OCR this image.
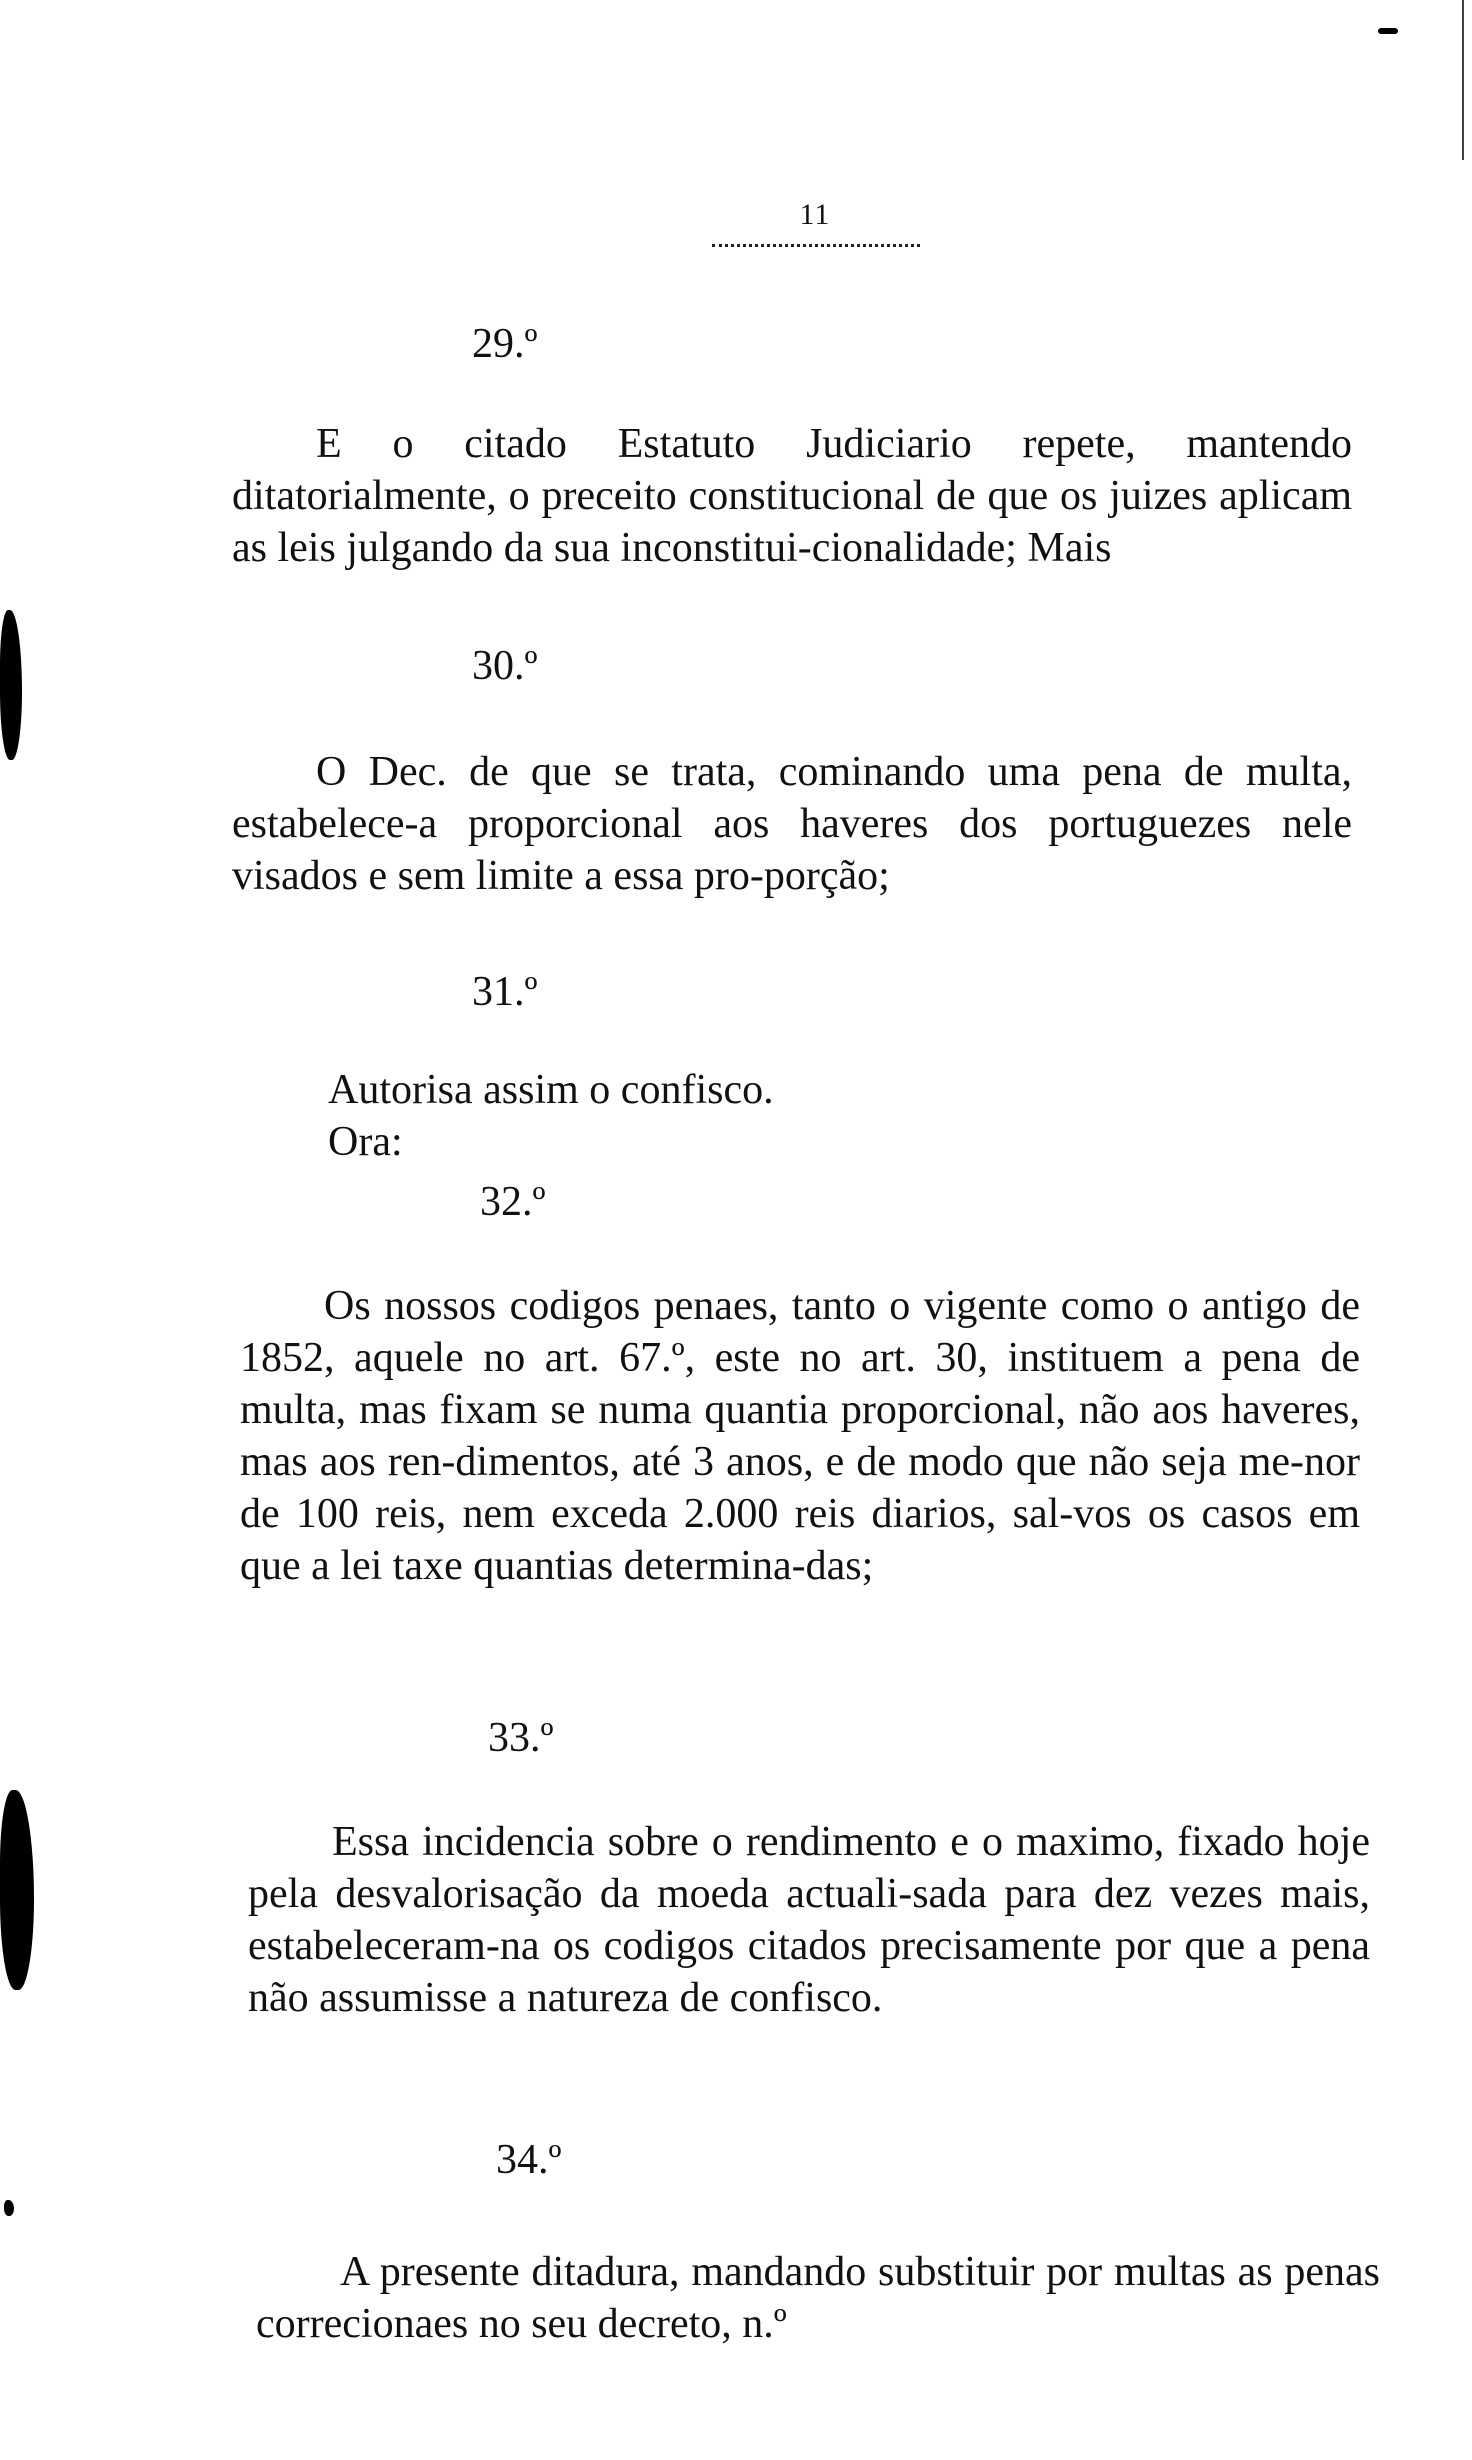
11
29.º

E o citado Estatuto Judiciario repete, mantendo ditatorialmente, o preceito constitucional de que os juizes aplicam as leis julgando da sua inconstitui-cionalidade; Mais

30.º

O Dec. de que se trata, cominando uma pena de multa, estabelece-a proporcional aos haveres dos portuguezes nele visados e sem limite a essa pro-porção;

31.º

Autorisa assim o confisco.

Ora:

32.º

Os nossos codigos penaes, tanto o vigente como o antigo de 1852, aquele no art. 67.º, este no art. 30, instituem a pena de multa, mas fixam se numa quantia proporcional, não aos haveres, mas aos ren-dimentos, até 3 anos, e de modo que não seja me-nor de 100 reis, nem exceda 2.000 reis diarios, sal-vos os casos em que a lei taxe quantias determina-das;

33.º

Essa incidencia sobre o rendimento e o maximo, fixado hoje pela desvalorisação da moeda actuali-sada para dez vezes mais, estabeleceram-na os codigos citados precisamente por que a pena não assumisse a natureza de confisco.

34.º

A presente ditadura, mandando substituir por multas as penas correcionaes no seu decreto, n.º
